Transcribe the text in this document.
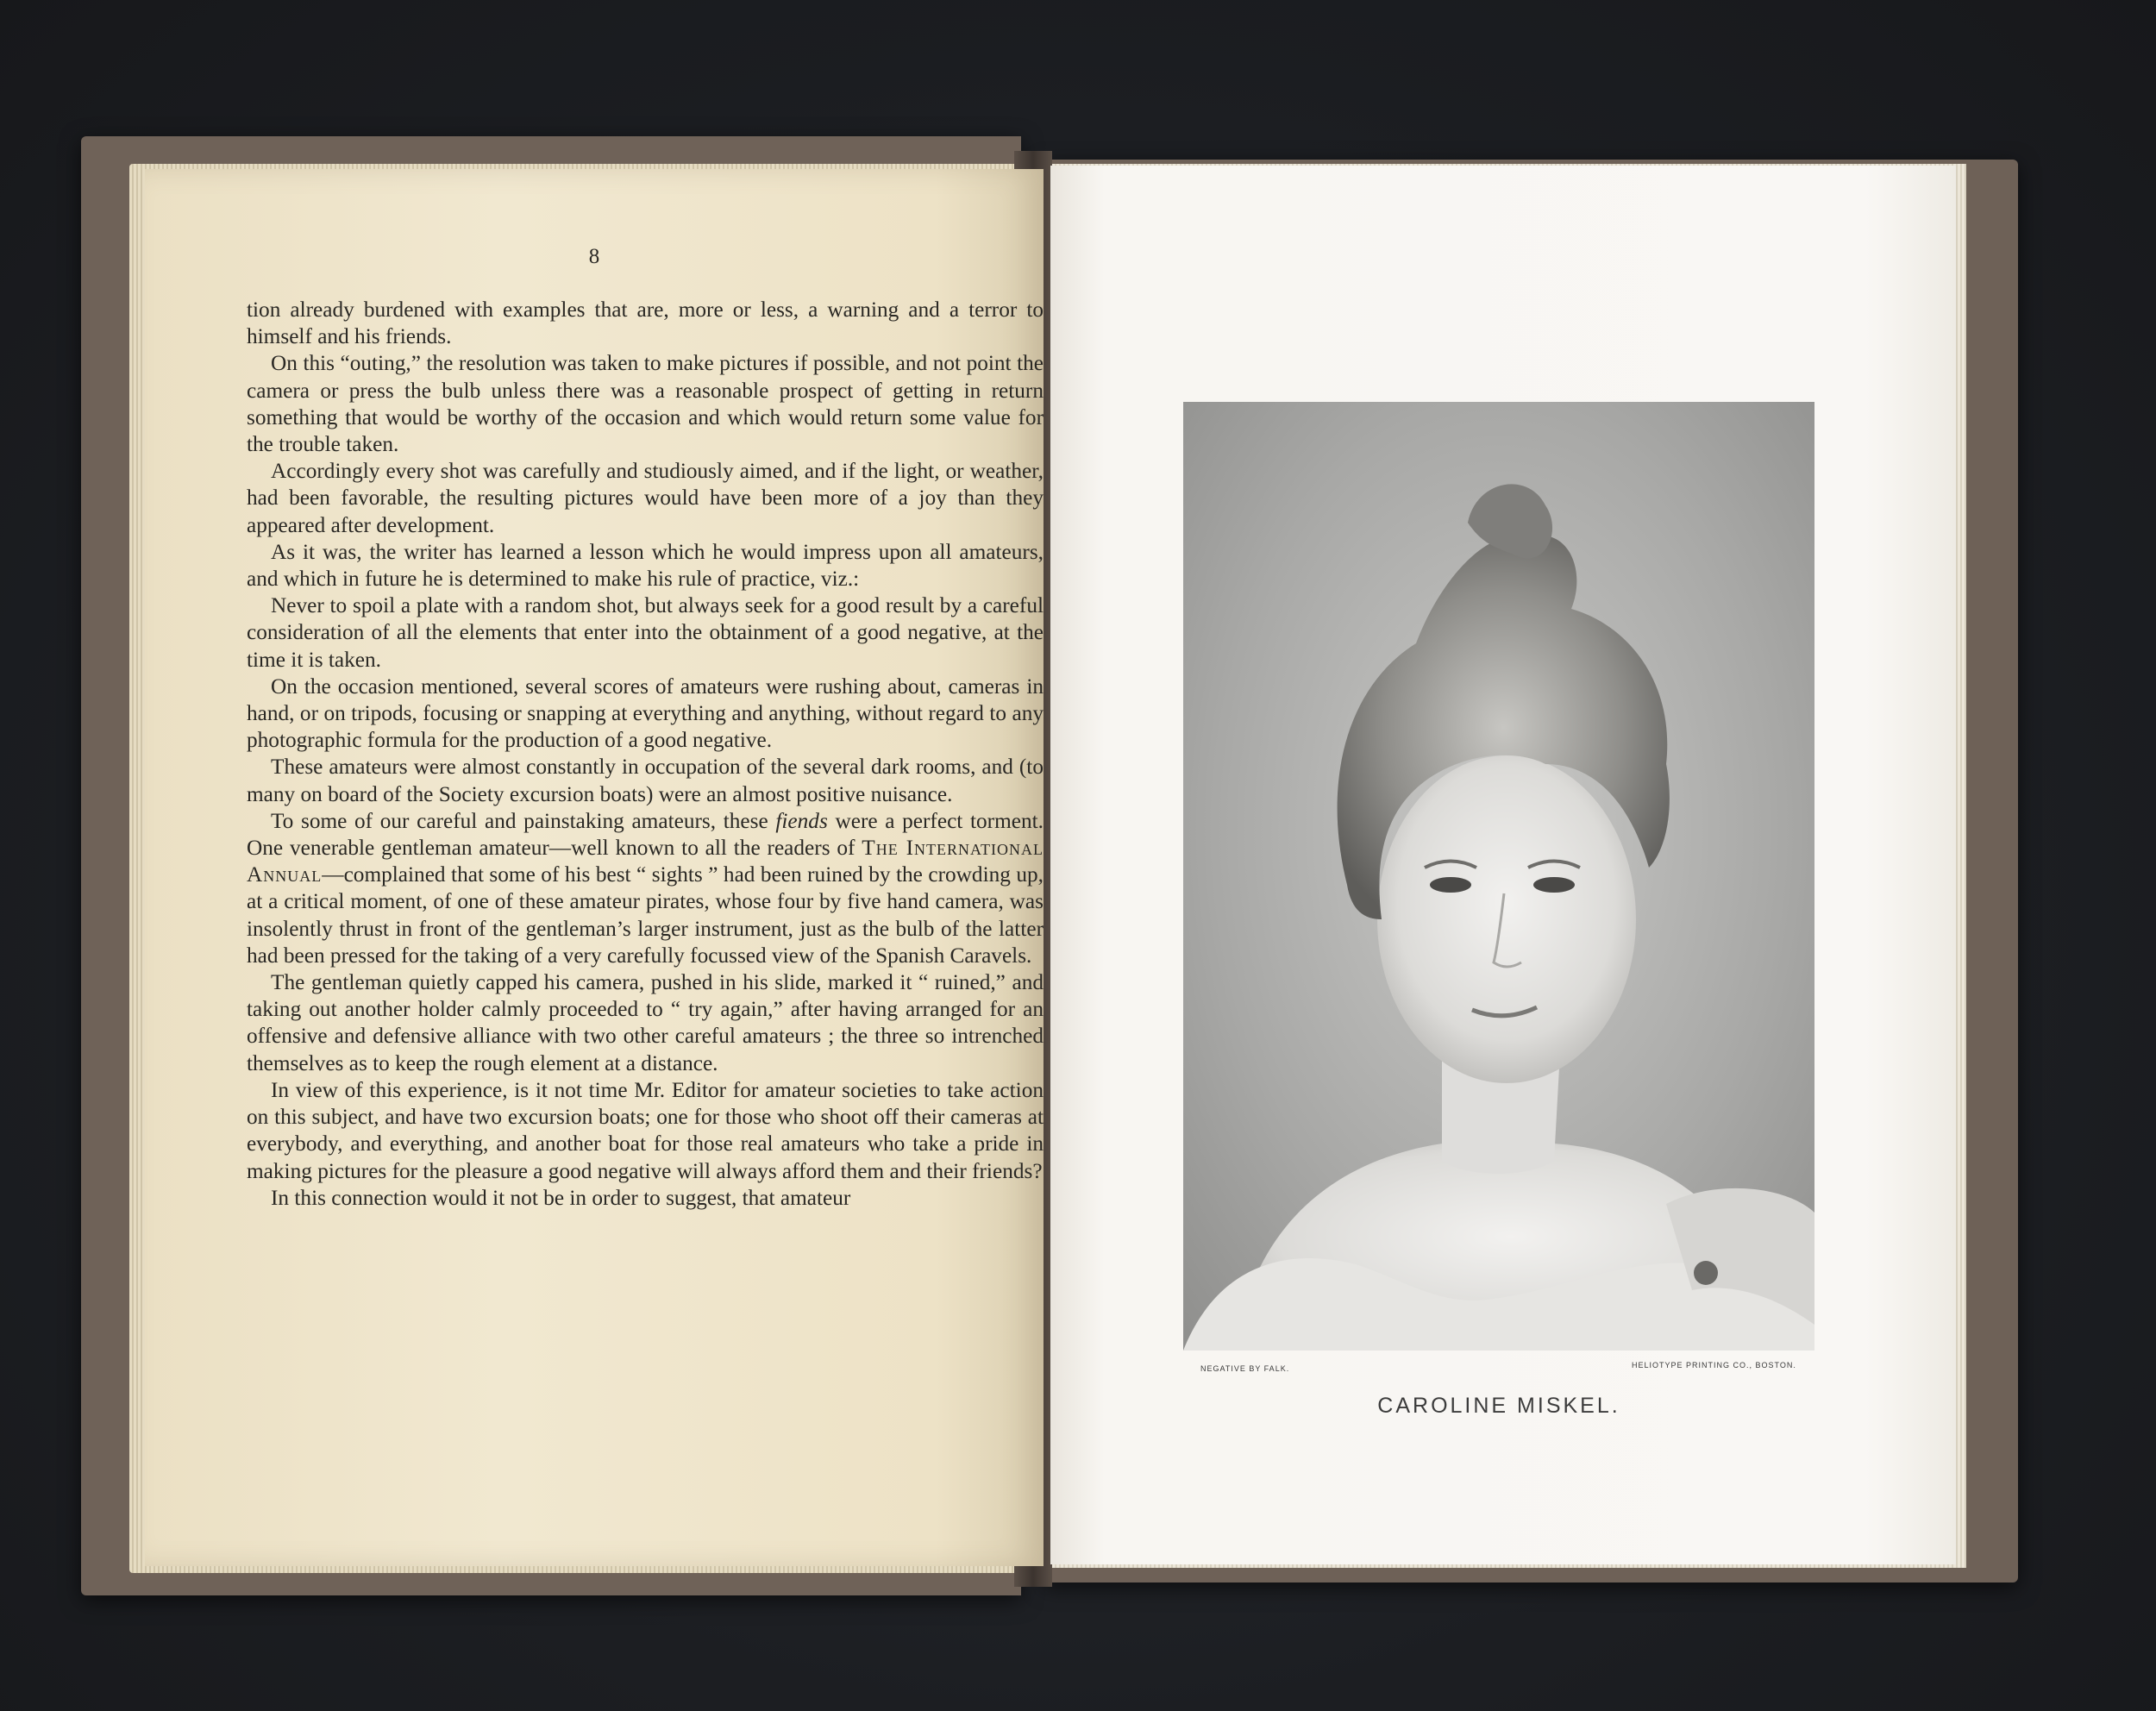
8

tion already burdened with examples that are, more or less, a warning and a terror to himself and his friends.

On this “outing,” the resolution was taken to make pictures if possible, and not point the camera or press the bulb unless there was a reasonable prospect of getting in return something that would be worthy of the occasion and which would return some value for the trouble taken.

Accordingly every shot was carefully and studiously aimed, and if the light, or weather, had been favorable, the resulting pictures would have been more of a joy than they appeared after development.

As it was, the writer has learned a lesson which he would impress upon all amateurs, and which in future he is determined to make his rule of practice, viz.:

Never to spoil a plate with a random shot, but always seek for a good result by a careful consideration of all the elements that enter into the obtainment of a good negative, at the time it is taken.

On the occasion mentioned, several scores of amateurs were rushing about, cameras in hand, or on tripods, focusing or snapping at everything and anything, without regard to any photographic formula for the production of a good negative.

These amateurs were almost constantly in occupation of the several dark rooms, and (to many on board of the Society excursion boats) were an almost positive nuisance.

To some of our careful and painstaking amateurs, these fiends were a perfect torment. One venerable gentleman amateur—well known to all the readers of The International Annual—complained that some of his best “ sights ” had been ruined by the crowding up, at a critical moment, of one of these amateur pirates, whose four by five hand camera, was insolently thrust in front of the gentleman’s larger instrument, just as the bulb of the latter had been pressed for the taking of a very carefully focussed view of the Spanish Caravels.

The gentleman quietly capped his camera, pushed in his slide, marked it “ ruined,” and taking out another holder calmly proceeded to “ try again,” after having arranged for an offensive and defensive alliance with two other careful amateurs ; the three so intrenched themselves as to keep the rough element at a distance.

In view of this experience, is it not time Mr. Editor for amateur societies to take action on this subject, and have two excursion boats; one for those who shoot off their cameras at everybody, and everything, and another boat for those real amateurs who take a pride in making pictures for the pleasure a good negative will always afford them and their friends?

In this connection would it not be in order to suggest, that amateur

NEGATIVE BY FALK.	HELIOTYPE PRINTING CO., BOSTON.
CAROLINE MISKEL.
